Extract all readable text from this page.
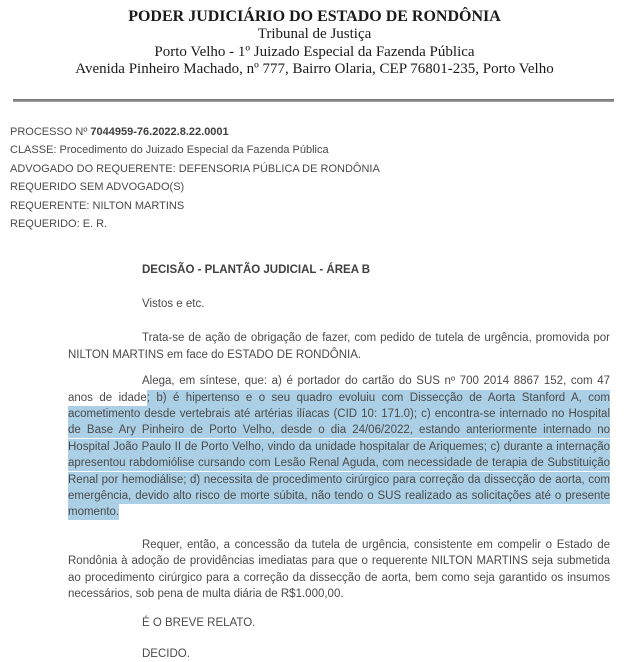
PODER JUDICIÁRIO DO ESTADO DE RONDÔNIA
Tribunal de Justiça
Porto Velho - 1º Juizado Especial da Fazenda Pública
Avenida Pinheiro Machado, nº 777, Bairro Olaria, CEP 76801-235, Porto Velho
PROCESSO Nº 7044959-76.2022.8.22.0001
CLASSE: Procedimento do Juizado Especial da Fazenda Pública
ADVOGADO DO REQUERENTE: DEFENSORIA PÚBLICA DE RONDÔNIA
REQUERIDO SEM ADVOGADO(S)
REQUERENTE: NILTON MARTINS
REQUERIDO: E. R.

DECISÃO - PLANTÃO JUDICIAL - ÁREA B

Vistos e etc.

Trata-se de ação de obrigação de fazer, com pedido de tutela de urgência, promovida por NILTON MARTINS em face do ESTADO DE RONDÔNIA.

Alega, em síntese, que: a) é portador do cartão do SUS nº 700 2014 8867 152, com 47 anos de idade; b) é hipertenso e o seu quadro evoluiu com Dissecção de Aorta Stanford A, com acometimento desde vertebrais até artérias ilíacas (CID 10: 171.0); c) encontra-se internado no Hospital de Base Ary Pinheiro de Porto Velho, desde o dia 24/06/2022, estando anteriormente internado no Hospital João Paulo II de Porto Velho, vindo da unidade hospitalar de Ariquemes; c) durante a internação apresentou rabdomiólise cursando com Lesão Renal Aguda, com necessidade de terapia de Substituição Renal por hemodiálise; d) necessita de procedimento cirúrgico para correção da dissecção de aorta, com emergência, devido alto risco de morte súbita, não tendo o SUS realizado as solicitações até o presente momento.

Requer, então, a concessão da tutela de urgência, consistente em compelir o Estado de Rondônia à adoção de providências imediatas para que o requerente NILTON MARTINS seja submetida ao procedimento cirúrgico para a correção da dissecção de aorta, bem como seja garantido os insumos necessários, sob pena de multa diária de R$1.000,00.

É O BREVE RELATO.

DECIDO.
